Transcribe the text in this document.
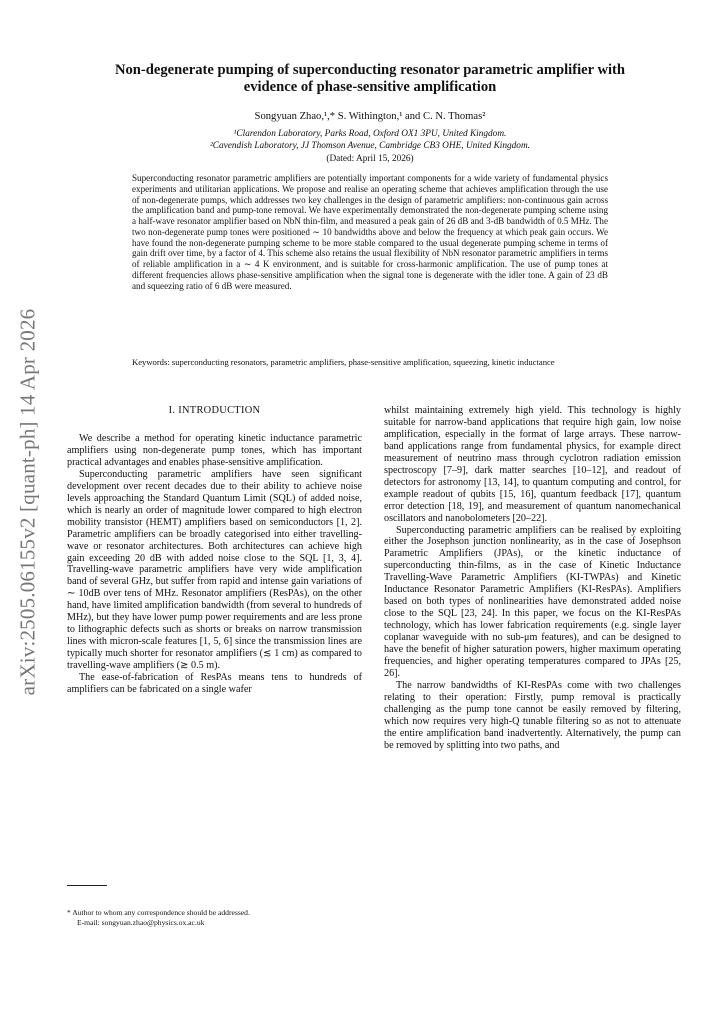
arXiv:2505.06155v2 [quant-ph] 14 Apr 2026
Non-degenerate pumping of superconducting resonator parametric amplifier with
evidence of phase-sensitive amplification
Songyuan Zhao,¹,* S. Withington,¹ and C. N. Thomas²
¹Clarendon Laboratory, Parks Road, Oxford OX1 3PU, United Kingdom.
²Cavendish Laboratory, JJ Thomson Avenue, Cambridge CB3 OHE, United Kingdom.
(Dated: April 15, 2026)

Superconducting resonator parametric amplifiers are potentially important components for a wide variety of fundamental physics experiments and utilitarian applications. We propose and realise an operating scheme that achieves amplification through the use of non-degenerate pumps, which addresses two key challenges in the design of parametric amplifiers: non-continuous gain across the amplification band and pump-tone removal. We have experimentally demonstrated the non-degenerate pumping scheme using a half-wave resonator amplifier based on NbN thin-film, and measured a peak gain of 26 dB and 3-dB bandwidth of 0.5 MHz. The two non-degenerate pump tones were positioned ∼ 10 bandwidths above and below the frequency at which peak gain occurs. We have found the non-degenerate pumping scheme to be more stable compared to the usual degenerate pumping scheme in terms of gain drift over time, by a factor of 4. This scheme also retains the usual flexibility of NbN resonator parametric amplifiers in terms of reliable amplification in a ∼ 4 K environment, and is suitable for cross-harmonic amplification. The use of pump tones at different frequencies allows phase-sensitive amplification when the signal tone is degenerate with the idler tone. A gain of 23 dB and squeezing ratio of 6 dB were measured.

Keywords: superconducting resonators, parametric amplifiers, phase-sensitive amplification, squeezing, kinetic inductance

I. INTRODUCTION

We describe a method for operating kinetic inductance parametric amplifiers using non-degenerate pump tones, which has important practical advantages and enables phase-sensitive amplification.

Superconducting parametric amplifiers have seen significant development over recent decades due to their ability to achieve noise levels approaching the Standard Quantum Limit (SQL) of added noise, which is nearly an order of magnitude lower compared to high electron mobility transistor (HEMT) amplifiers based on semiconductors [1, 2]. Parametric amplifiers can be broadly categorised into either travelling-wave or resonator architectures. Both architectures can achieve high gain exceeding 20 dB with added noise close to the SQL [1, 3, 4]. Travelling-wave parametric amplifiers have very wide amplification band of several GHz, but suffer from rapid and intense gain variations of ∼ 10dB over tens of MHz. Resonator amplifiers (ResPAs), on the other hand, have limited amplification bandwidth (from several to hundreds of MHz), but they have lower pump power requirements and are less prone to lithographic defects such as shorts or breaks on narrow transmission lines with micron-scale features [1, 5, 6] since the transmission lines are typically much shorter for resonator amplifiers (≲ 1 cm) as compared to travelling-wave amplifiers (≳ 0.5 m).

The ease-of-fabrication of ResPAs means tens to hundreds of amplifiers can be fabricated on a single wafer

whilst maintaining extremely high yield. This technology is highly suitable for narrow-band applications that require high gain, low noise amplification, especially in the format of large arrays. These narrow-band applications range from fundamental physics, for example direct measurement of neutrino mass through cyclotron radiation emission spectroscopy [7–9], dark matter searches [10–12], and readout of detectors for astronomy [13, 14], to quantum computing and control, for example readout of qubits [15, 16], quantum feedback [17], quantum error detection [18, 19], and measurement of quantum nanomechanical oscillators and nanobolometers [20–22].

Superconducting parametric amplifiers can be realised by exploiting either the Josephson junction nonlinearity, as in the case of Josephson Parametric Amplifiers (JPAs), or the kinetic inductance of superconducting thin-films, as in the case of Kinetic Inductance Travelling-Wave Parametric Amplifiers (KI-TWPAs) and Kinetic Inductance Resonator Parametric Amplifiers (KI-ResPAs). Amplifiers based on both types of nonlinearities have demonstrated added noise close to the SQL [23, 24]. In this paper, we focus on the KI-ResPAs technology, which has lower fabrication requirements (e.g. single layer coplanar waveguide with no sub-μm features), and can be designed to have the benefit of higher saturation powers, higher maximum operating frequencies, and higher operating temperatures compared to JPAs [25, 26].

The narrow bandwidths of KI-ResPAs come with two challenges relating to their operation: Firstly, pump removal is practically challenging as the pump tone cannot be easily removed by filtering, which now requires very high-Q tunable filtering so as not to attenuate the entire amplification band inadvertently. Alternatively, the pump can be removed by splitting into two paths, and

* Author to whom any correspondence should be addressed.
E-mail: songyuan.zhao@physics.ox.ac.uk
